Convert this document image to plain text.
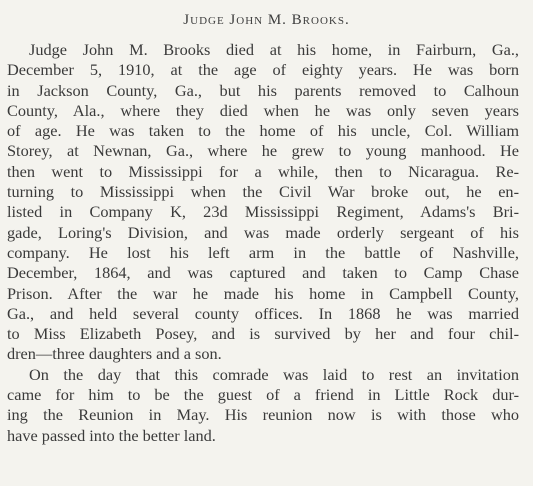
Judge John M. Brooks.
Judge John M. Brooks died at his home, in Fairburn, Ga.,
December 5, 1910, at the age of eighty years. He was born
in Jackson County, Ga., but his parents removed to Calhoun
County, Ala., where they died when he was only seven years
of age. He was taken to the home of his uncle, Col. William
Storey, at Newnan, Ga., where he grew to young manhood. He
then went to Mississippi for a while, then to Nicaragua. Re-
turning to Mississippi when the Civil War broke out, he en-
listed in Company K, 23d Mississippi Regiment, Adams's Bri-
gade, Loring's Division, and was made orderly sergeant of his
company. He lost his left arm in the battle of Nashville,
December, 1864, and was captured and taken to Camp Chase
Prison. After the war he made his home in Campbell County,
Ga., and held several county offices. In 1868 he was married
to Miss Elizabeth Posey, and is survived by her and four chil-
dren—three daughters and a son.
On the day that this comrade was laid to rest an invitation
came for him to be the guest of a friend in Little Rock dur-
ing the Reunion in May. His reunion now is with those who
have passed into the better land.
